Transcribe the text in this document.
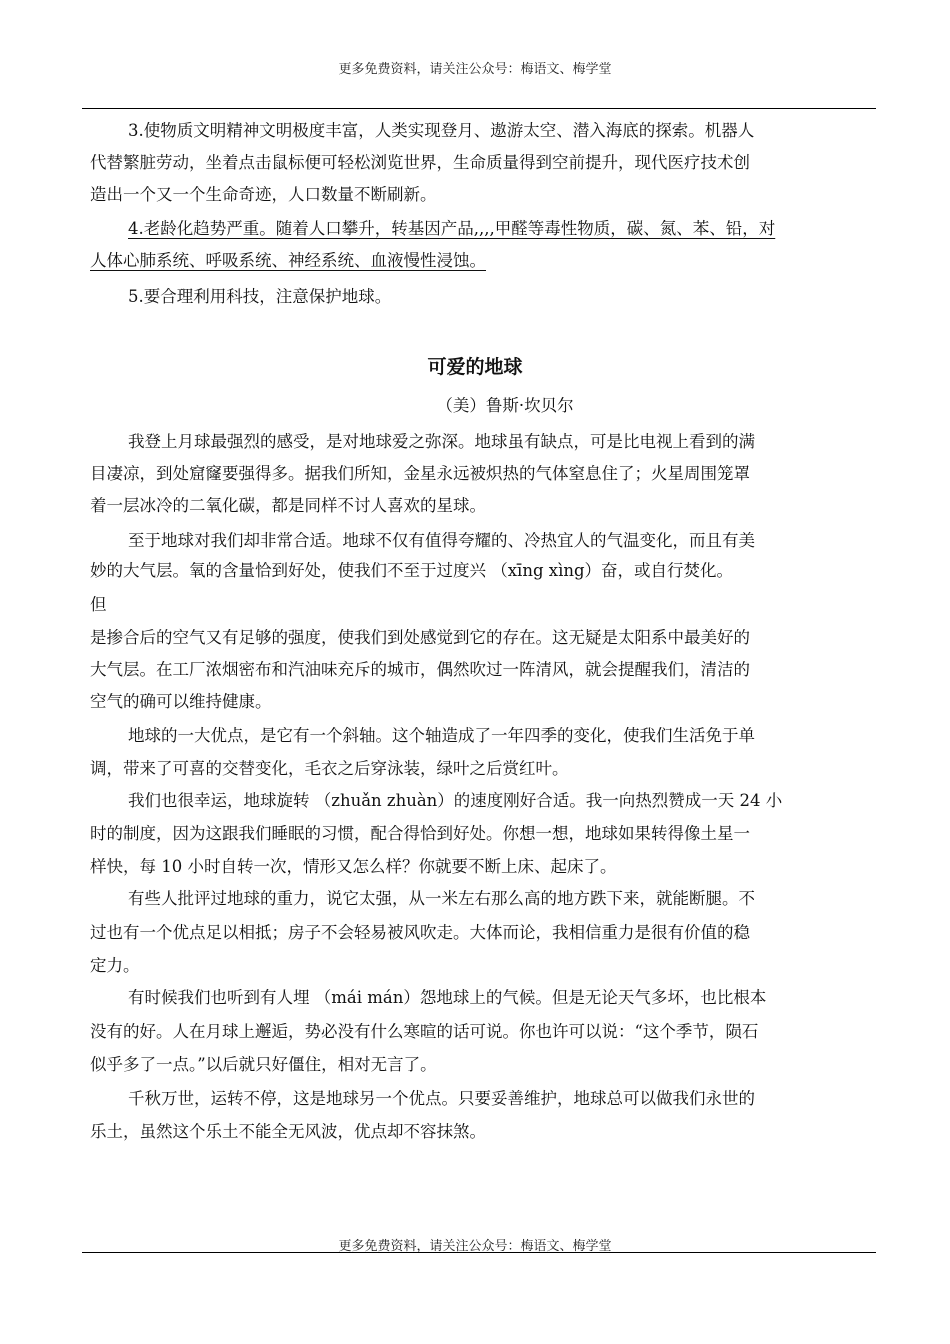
更多免费资料，请关注公众号：梅语文、梅学堂
3.使物质文明精神文明极度丰富，人类实现登月、遨游太空、潜入海底的探索。机器人
代替繁脏劳动，坐着点击鼠标便可轻松浏览世界，生命质量得到空前提升，现代医疗技术创
造出一个又一个生命奇迹，人口数量不断刷新。
4.老龄化趋势严重。随着人口攀升，转基因产品,,,,甲醛等毒性物质，碳、氮、苯、铅，对
人体心肺系统、呼吸系统、神经系统、血液慢性浸蚀。
5.要合理利用科技，注意保护地球。
可爱的地球
（美）鲁斯·坎贝尔
我登上月球最强烈的感受，是对地球爱之弥深。地球虽有缺点，可是比电视上看到的满
目凄凉，到处窟窿要强得多。据我们所知，金星永远被炽热的气体窒息住了；火星周围笼罩
着一层冰冷的二氧化碳，都是同样不讨人喜欢的星球。
至于地球对我们却非常合适。地球不仅有值得夸耀的、冷热宜人的气温变化，而且有美
妙的大气层。氧的含量恰到好处，使我们不至于过度兴 （xīng xìng）奋，或自行焚化。
但
是掺合后的空气又有足够的强度，使我们到处感觉到它的存在。这无疑是太阳系中最美好的
大气层。在工厂浓烟密布和汽油味充斥的城市，偶然吹过一阵清风，就会提醒我们，清洁的
空气的确可以维持健康。
地球的一大优点，是它有一个斜轴。这个轴造成了一年四季的变化，使我们生活免于单
调，带来了可喜的交替变化，毛衣之后穿泳装，绿叶之后赏红叶。
我们也很幸运，地球旋转 （zhuǎn zhuàn）的速度刚好合适。我一向热烈赞成一天 24 小
时的制度，因为这跟我们睡眠的习惯，配合得恰到好处。你想一想，地球如果转得像土星一
样快，每 10 小时自转一次，情形又怎么样？你就要不断上床、起床了。
有些人批评过地球的重力，说它太强，从一米左右那么高的地方跌下来，就能断腿。不
过也有一个优点足以相抵；房子不会轻易被风吹走。大体而论，我相信重力是很有价值的稳
定力。
有时候我们也听到有人埋 （mái mán）怨地球上的气候。但是无论天气多坏，也比根本
没有的好。人在月球上邂逅，势必没有什么寒暄的话可说。你也许可以说：“这个季节，陨石
似乎多了一点。”以后就只好僵住，相对无言了。
千秋万世，运转不停，这是地球另一个优点。只要妥善维护，地球总可以做我们永世的
乐土，虽然这个乐土不能全无风波，优点却不容抹煞。
更多免费资料，请关注公众号：梅语文、梅学堂
